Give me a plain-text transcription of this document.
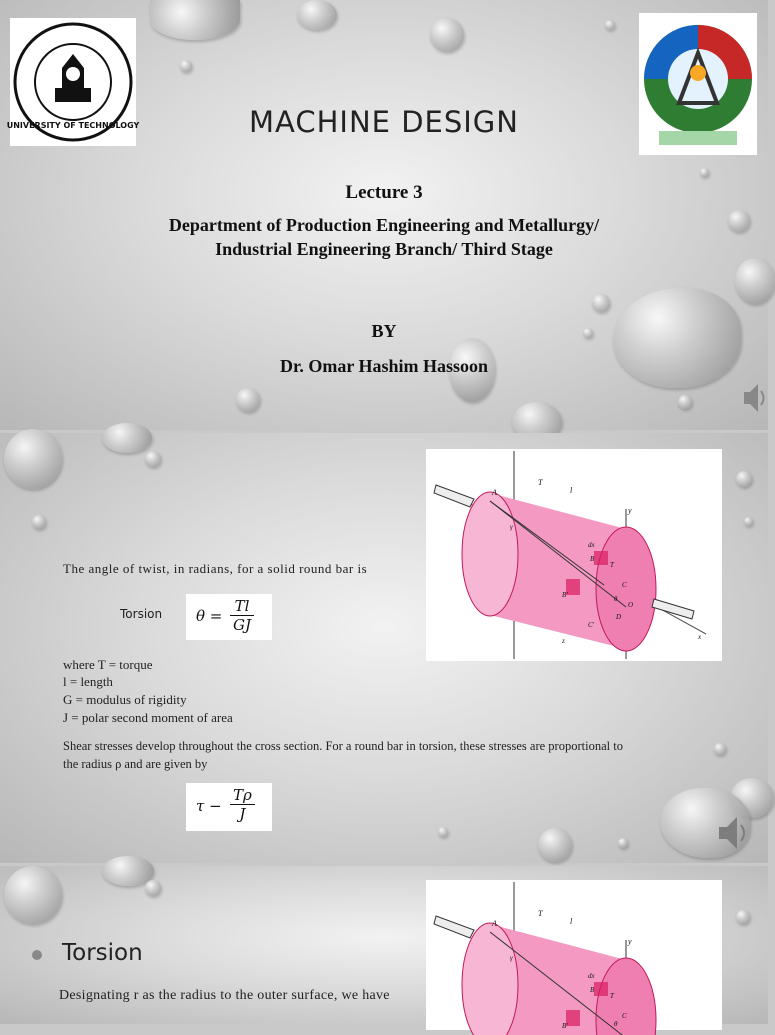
UNIVERSITY OF TECHNOLOGY	MACHINE DESIGN
Lecture 3
Department of Production Engineering and Metallurgy/
Industrial Engineering Branch/ Third Stage
BY
Dr. Omar Hashim Hassoon
A
T
l
y
dx
B
C
B'
C'
D
O
z	x
γ
θ
T
The angle of twist, in radians, for a solid round bar is
Torsion $\theta = \frac{Tl}{GJ}$
where T = torque
l = length
G = modulus of rigidity
J = polar second moment of area
Shear stresses develop throughout the cross section. For a round bar in torsion, these stresses are proportional to
the radius ρ and are given by
$\tau - \frac{T\rho}{J}$
A
T
l
y
dx
B
T
B'
C
γ
θ
Torsion
Designating r as the radius to the outer surface, we have
